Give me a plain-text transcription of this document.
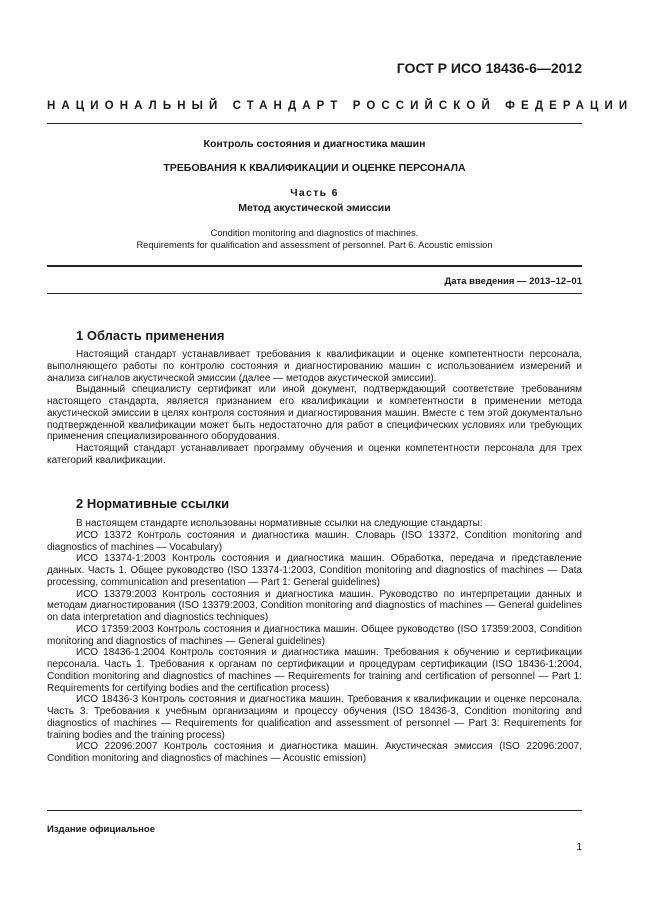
ГОСТ Р ИСО 18436-6—2012
НАЦИОНАЛЬНЫЙ СТАНДАРТ РОССИЙСКОЙ ФЕДЕРАЦИИ
Контроль состояния и диагностика машин
ТРЕБОВАНИЯ К КВАЛИФИКАЦИИ И ОЦЕНКЕ ПЕРСОНАЛА
Часть 6
Метод акустической эмиссии
Condition monitoring and diagnostics of machines.
Requirements for qualification and assessment of personnel. Part 6. Acoustic emission
Дата введения — 2013–12–01
1 Область применения

Настоящий стандарт устанавливает требования к квалификации и оценке компетентности персонала, выполняющего работы по контролю состояния и диагностированию машин с использованием измерений и анализа сигналов акустической эмиссии (далее — методов акустической эмиссии).

Выданный специалисту сертификат или иной документ, подтверждающий соответствие требованиям настоящего стандарта, является признанием его квалификации и компетентности в применении метода акустической эмиссии в целях контроля состояния и диагностирования машин. Вместе с тем этой документально подтвержденной квалификации может быть недостаточно для работ в специфических условиях или требующих применения специализированного оборудования.

Настоящий стандарт устанавливает программу обучения и оценки компетентности персонала для трех категорий квалификации.

2 Нормативные ссылки

В настоящем стандарте использованы нормативные ссылки на следующие стандарты:

ИСО 13372 Контроль состояния и диагностика машин. Словарь (ISO 13372, Condition monitoring and diagnostics of machines — Vocabulary)

ИСО 13374-1:2003 Контроль состояния и диагностика машин. Обработка, передача и представление данных. Часть 1. Общее руководство (ISO 13374-1:2003, Condition monitoring and diagnostics of machines — Data processing, communication and presentation — Part 1: General guidelines)

ИСО 13379:2003 Контроль состояния и диагностика машин. Руководство по интерпретации данных и методам диагностирования (ISO 13379:2003, Condition monitoring and diagnostics of machines — General guidelines on data interpretation and diagnostics techniques)

ИСО 17359:2003 Контроль состояния и диагностика машин. Общее руководство (ISO 17359:2003, Condition monitoring and diagnostics of machines — General guidelines)

ИСО 18436-1:2004 Контроль состояния и диагностика машин. Требования к обучению и сертификации персонала. Часть 1. Требования к органам по сертификации и процедурам сертификации (ISO 18436-1:2004, Condition monitoring and diagnostics of machines — Requirements for training and certification of personnel — Part 1: Requirements for certifying bodies and the certification process)

ИСО 18436-3 Контроль состояния и диагностика машин. Требования к квалификации и оценке персонала. Часть 3. Требования к учебным организациям и процессу обучения (ISO 18436-3, Condition monitoring and diagnostics of machines — Requirements for qualification and assessment of personnel — Part 3: Requirements for training bodies and the training process)

ИСО 22096:2007 Контроль состояния и диагностика машин. Акустическая эмиссия (ISO 22096:2007, Condition monitoring and diagnostics of machines — Acoustic emission)

Издание официальное
1
